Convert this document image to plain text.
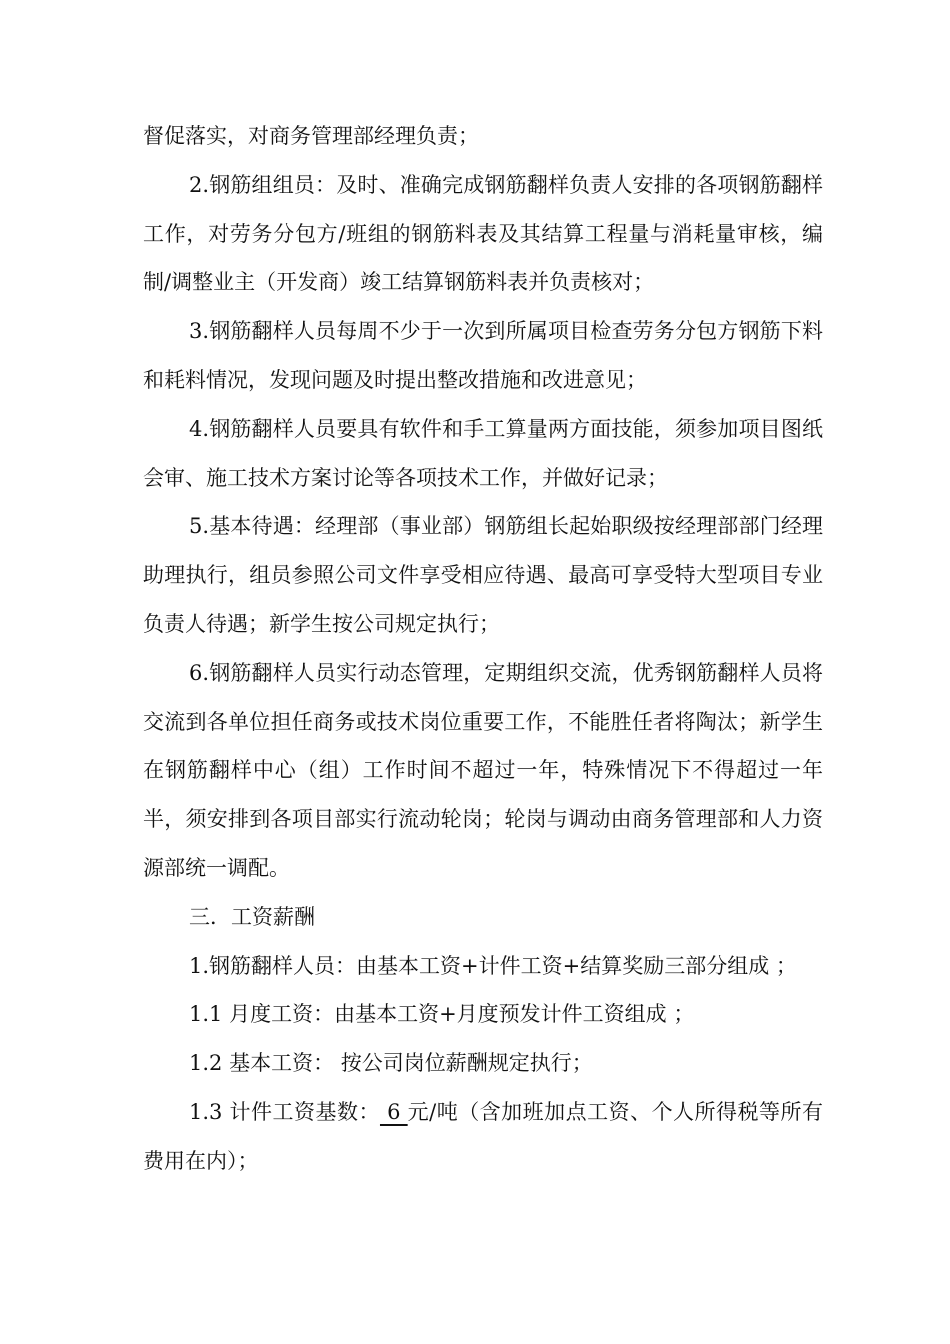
督促落实，对商务管理部经理负责；

2.钢筋组组员：及时、准确完成钢筋翻样负责人安排的各项钢筋翻样工作，对劳务分包方/班组的钢筋料表及其结算工程量与消耗量审核，编制/调整业主（开发商）竣工结算钢筋料表并负责核对；

3.钢筋翻样人员每周不少于一次到所属项目检查劳务分包方钢筋下料和耗料情况，发现问题及时提出整改措施和改进意见；

4.钢筋翻样人员要具有软件和手工算量两方面技能，须参加项目图纸会审、施工技术方案讨论等各项技术工作，并做好记录；

5.基本待遇：经理部（事业部）钢筋组长起始职级按经理部部门经理助理执行，组员参照公司文件享受相应待遇、最高可享受特大型项目专业负责人待遇；新学生按公司规定执行；

6.钢筋翻样人员实行动态管理，定期组织交流，优秀钢筋翻样人员将交流到各单位担任商务或技术岗位重要工作，不能胜任者将陶汰；新学生在钢筋翻样中心（组）工作时间不超过一年，特殊情况下不得超过一年半，须安排到各项目部实行流动轮岗；轮岗与调动由商务管理部和人力资源部统一调配。

三．工资薪酬

1.钢筋翻样人员：由基本工资+计件工资+结算奖励三部分组成 ；

1.1 月度工资：由基本工资+月度预发计件工资组成 ；

1.2 基本工资： 按公司岗位薪酬规定执行；

1.3 计件工资基数： 6 元/吨（含加班加点工资、个人所得税等所有费用在内）；
